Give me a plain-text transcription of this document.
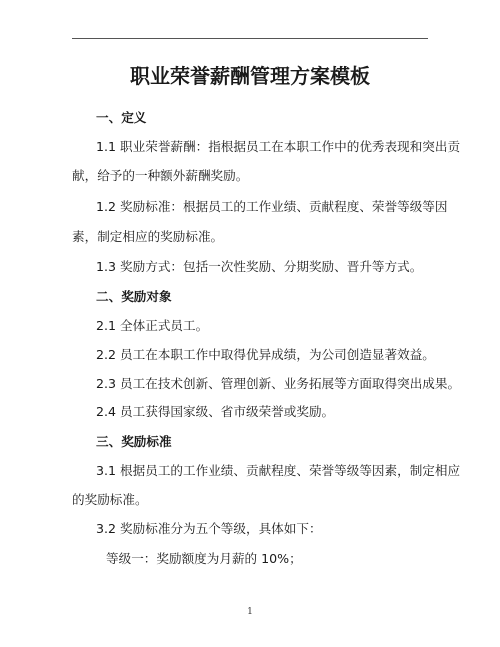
职业荣誉薪酬管理方案模板
一、定义
1.1 职业荣誉薪酬：指根据员工在本职工作中的优秀表现和突出贡
献，给予的一种额外薪酬奖励。
1.2 奖励标准：根据员工的工作业绩、贡献程度、荣誉等级等因
素，制定相应的奖励标准。
1.3 奖励方式：包括一次性奖励、分期奖励、晋升等方式。
二、奖励对象
2.1 全体正式员工。
2.2 员工在本职工作中取得优异成绩，为公司创造显著效益。
2.3 员工在技术创新、管理创新、业务拓展等方面取得突出成果。
2.4 员工获得国家级、省市级荣誉或奖励。
三、奖励标准
3.1 根据员工的工作业绩、贡献程度、荣誉等级等因素，制定相应
的奖励标准。
3.2 奖励标准分为五个等级，具体如下：
等级一：奖励额度为月薪的 10%；
1
